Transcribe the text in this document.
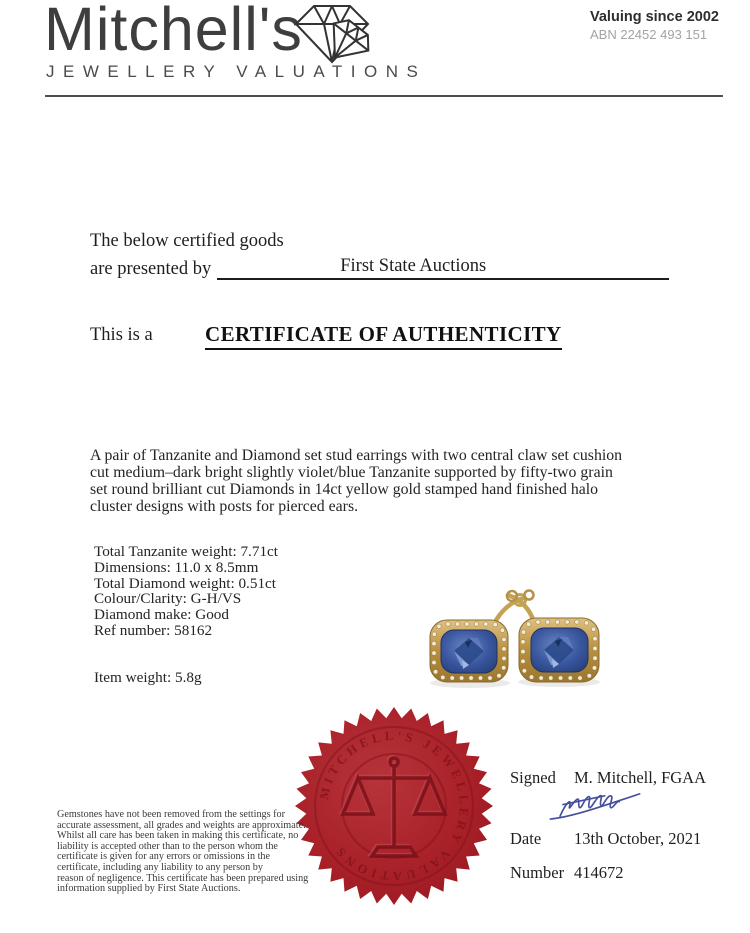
Mitchell's
JEWELLERY VALUATIONS
Valuing since 2002
ABN 22452 493 151
The below certified goods
are presented by	First State Auctions
This is a CERTIFICATE OF AUTHENTICITY
A pair of Tanzanite and Diamond set stud earrings with two central claw set cushion
cut medium–dark bright slightly violet/blue Tanzanite supported by fifty-two grain
set round brilliant cut Diamonds in 14ct yellow gold stamped hand finished halo
cluster designs with posts for pierced ears.
Total Tanzanite weight: 7.71ct
Dimensions: 11.0 x 8.5mm
Total Diamond weight: 0.51ct
Colour/Clarity: G-H/VS
Diamond make: Good
Ref number: 58162
Item weight: 5.8g
MITCHELL'S JEWELLERY VALUATIONS
Gemstones have not been removed from the settings for
accurate assessment, all grades and weights are approximate.
Whilst all care has been taken in making this certificate, no
liability is accepted other than to the person whom the
certificate is given for any errors or omissions in the
certificate, including any liability to any person by
reason of negligence. This certificate has been prepared using
information supplied by First State Auctions.
Signed	M. Mitchell, FGAA
Date	13th October, 2021
Number 414672
